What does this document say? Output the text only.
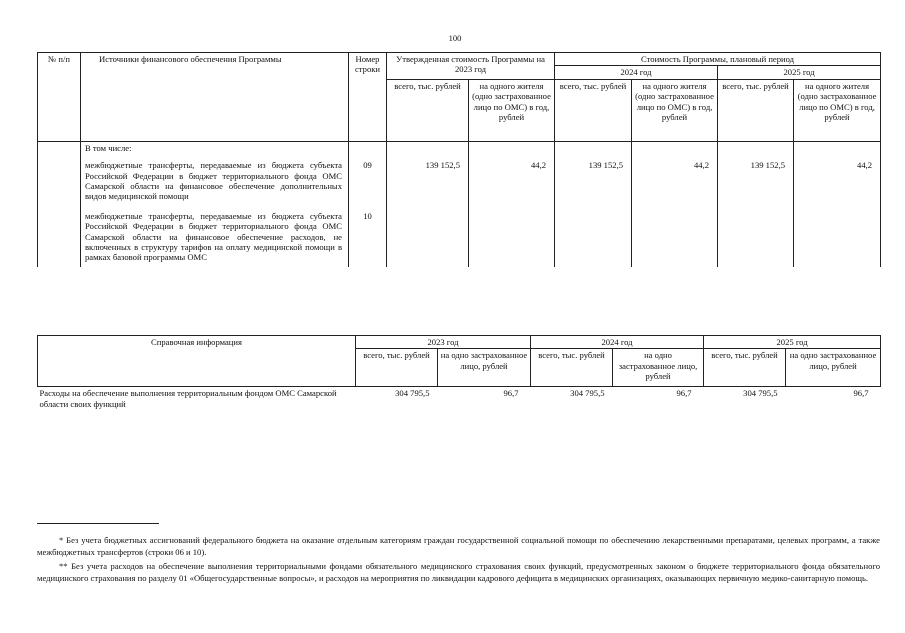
100
№ п/п	Источники финансового обеспечения Программы	Номер строки	Утвержденная стоимость Программы на 2023 год		Стоимость Программы, плановый период			
					2024 год		2025 год	
			всего, тыс. рублей	на одного жителя (одно застрахованное лицо по ОМС) в год, рублей	всего, тыс. рублей	на одного жителя (одно застрахованное лицо по ОМС) в год, рублей	всего, тыс. рублей	на одного жителя (одно застрахованное лицо по ОМС) в год, рублей
	В том числе:							
	межбюджетные трансферты, передаваемые из бюджета субъекта Российской Федерации в бюджет территориального фонда ОМС Самарской области на финансовое обеспечение дополнительных видов медицинской помощи	09	139 152,5	44,2	139 152,5	44,2	139 152,5	44,2
	межбюджетные трансферты, передаваемые из бюджета субъекта Российской Федерации в бюджет территориального фонда ОМС Самарской области на финансовое обеспечение расходов, не включенных в структуру тарифов на оплату медицинской помощи в рамках базовой программы ОМС	10						
Справочная информация	2023 год		2024 год		2025 год	
	всего, тыс. рублей	на одно застрахованное лицо, рублей	всего, тыс. рублей	на одно застрахованное лицо, рублей	всего, тыс. рублей	на одно застрахованное лицо, рублей
Расходы на обеспечение выполнения территориальным фондом ОМС Самарской области своих функций	304 795,5	96,7	304 795,5	96,7	304 795,5	96,7
* Без учета бюджетных ассигнований федерального бюджета на оказание отдельным категориям граждан государственной социальной помощи по обеспечению лекарственными препаратами, целевых программ, а также межбюджетных трансфертов (строки 06 и 10).
** Без учета расходов на обеспечение выполнения территориальными фондами обязательного медицинского страхования своих функций, предусмотренных законом о бюджете территориального фонда обязательного медицинского страхования по разделу 01 «Общегосударственные вопросы», и расходов на мероприятия по ликвидации кадрового дефицита в медицинских организациях, оказывающих первичную медико-санитарную помощь.
